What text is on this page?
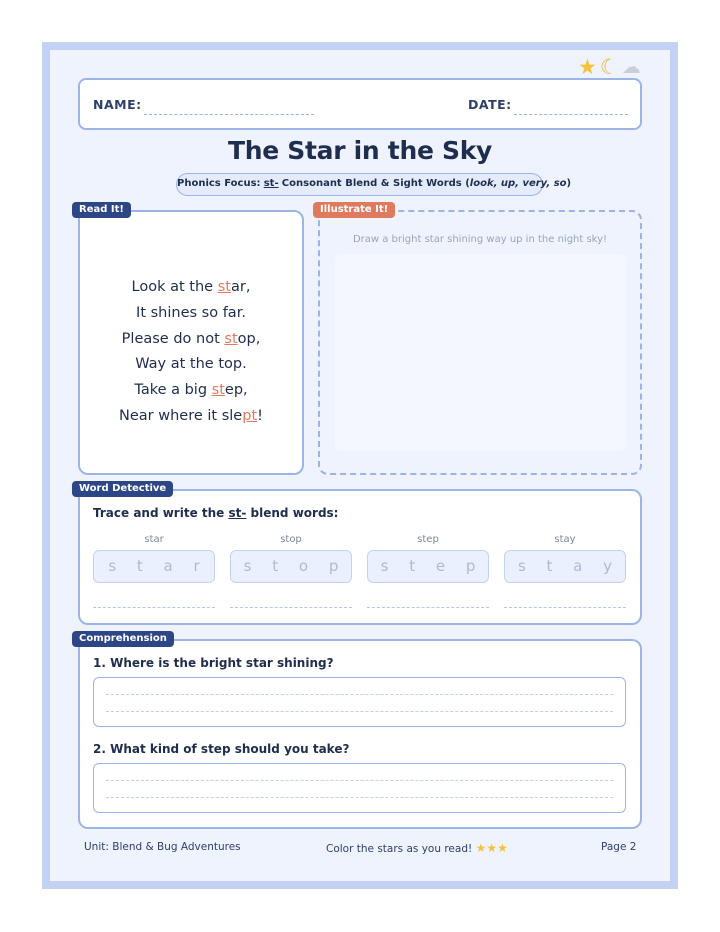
★ ☾ ☁
NAME:	DATE:
The Star in the Sky
Phonics Focus: st- Consonant Blend & Sight Words (look, up, very, so)
Read It!
Look at the star,
It shines so far.
Please do not stop,
Way at the top.
Take a big step,
Near where it slept!
Illustrate It!
Draw a bright star shining way up in the night sky!
Word Detective
Trace and write the st- blend words:
star
s t a r
stop
s t o p
step
s t e p
stay
s t a y
Comprehension
1. Where is the bright star shining?
2. What kind of step should you take?
Unit: Blend & Bug Adventures	Color the stars as you read! ★★★	Page 2
